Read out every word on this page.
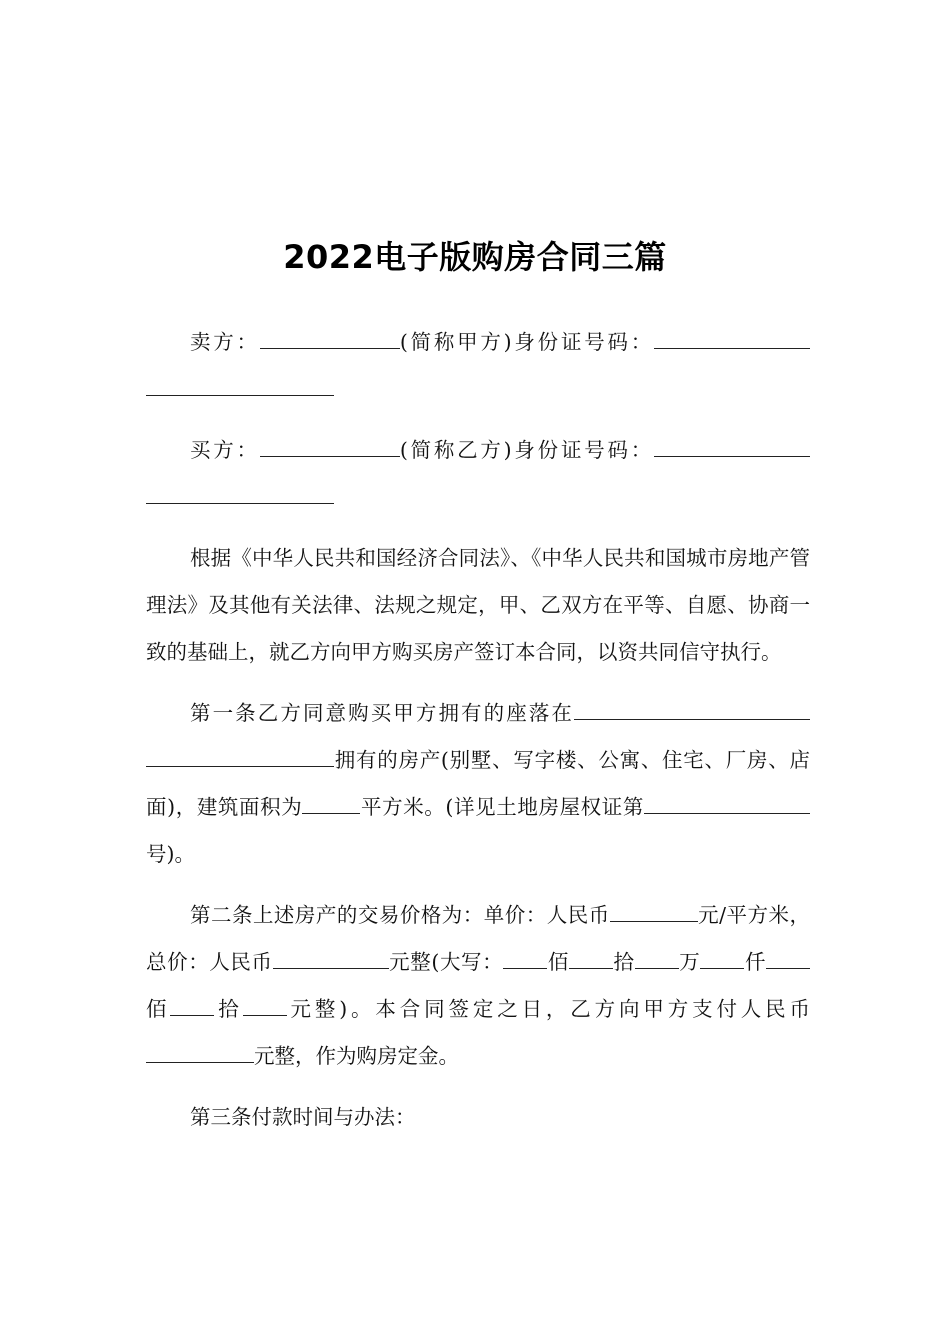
2022电子版购房合同三篇

卖方：	(简称甲方)身份证号码：

买方：	(简称乙方)身份证号码：

根据《中华人民共和国经济合同法》、《中华人民共和国城市房地产管理法》及其他有关法律、法规之规定，甲、乙双方在平等、自愿、协商一致的基础上，就乙方向甲方购买房产签订本合同，以资共同信守执行。

第一条乙方同意购买甲方拥有的座落在拥有的房产(别墅、写字楼、公寓、住宅、厂房、店面)，建筑面积为	平方米。(详见土地房屋权证第号)。

第二条上述房产的交易价格为：单价：人民币	元/平方米，总价：人民币	元整(大写： 佰 拾 万 仟佰 拾 元整)。本合同签定之日，乙方向甲方支付人民币元整，作为购房定金。

第三条付款时间与办法：
